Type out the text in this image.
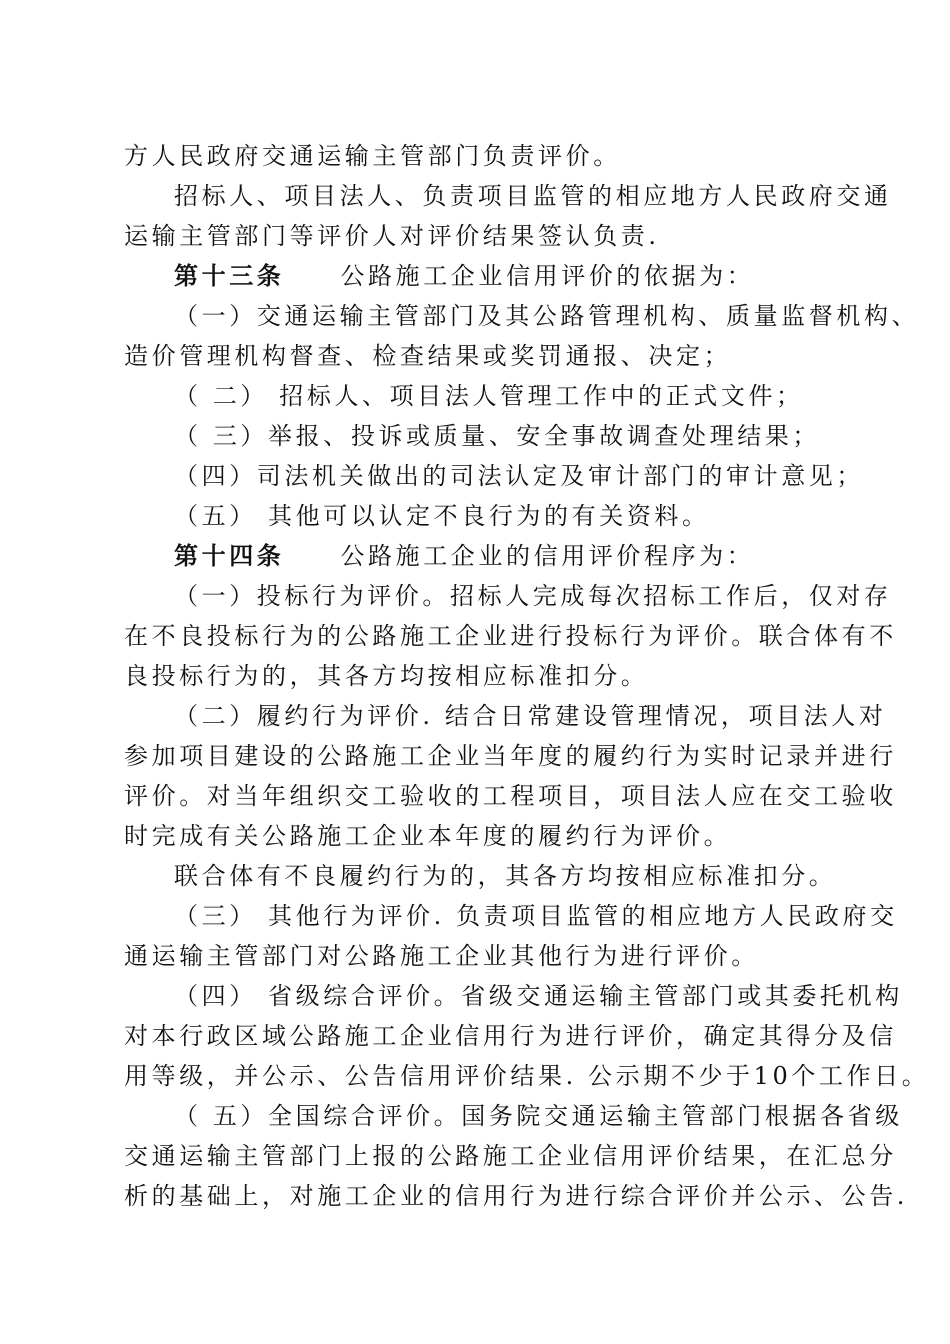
方人民政府交通运输主管部门负责评价。
招标人、项目法人、负责项目监管的相应地方人民政府交通
运输主管部门等评价人对评价结果签认负责.
第十三条 公路施工企业信用评价的依据为：
（一）交通运输主管部门及其公路管理机构、质量监督机构、
造价管理机构督查、检查结果或奖罚通报、决定；
（ 二） 招标人、项目法人管理工作中的正式文件；
（ 三）举报、投诉或质量、安全事故调查处理结果；
（四）司法机关做出的司法认定及审计部门的审计意见；
（五） 其他可以认定不良行为的有关资料。
第十四条 公路施工企业的信用评价程序为：
（一）投标行为评价。招标人完成每次招标工作后，仅对存
在不良投标行为的公路施工企业进行投标行为评价。联合体有不
良投标行为的，其各方均按相应标准扣分。
（二）履约行为评价. 结合日常建设管理情况，项目法人对
参加项目建设的公路施工企业当年度的履约行为实时记录并进行
评价。对当年组织交工验收的工程项目，项目法人应在交工验收
时完成有关公路施工企业本年度的履约行为评价。
联合体有不良履约行为的，其各方均按相应标准扣分。
（三） 其他行为评价. 负责项目监管的相应地方人民政府交
通运输主管部门对公路施工企业其他行为进行评价。
（四） 省级综合评价。省级交通运输主管部门或其委托机构
对本行政区域公路施工企业信用行为进行评价，确定其得分及信
用等级，并公示、公告信用评价结果. 公示期不少于10个工作日。
（ 五）全国综合评价。国务院交通运输主管部门根据各省级
交通运输主管部门上报的公路施工企业信用评价结果，在汇总分
析的基础上，对施工企业的信用行为进行综合评价并公示、公告.
